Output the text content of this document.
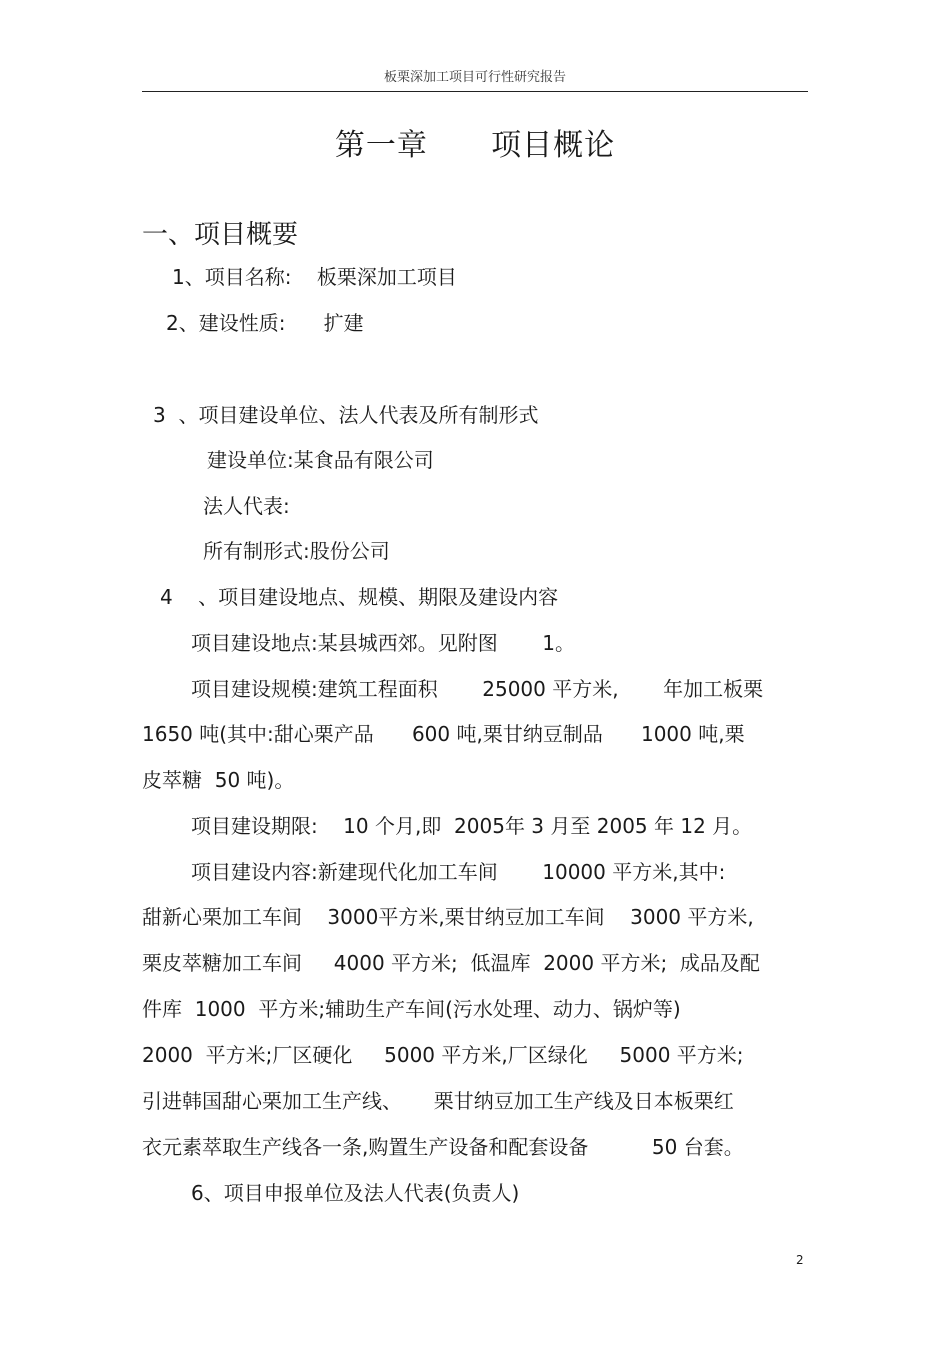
板栗深加工项目可行性研究报告
第一章      项目概论
一、项目概要
1、项目名称:    板栗深加工项目
2、建设性质:      扩建
3  、项目建设单位、法人代表及所有制形式
建设单位:某食品有限公司
法人代表:
所有制形式:股份公司
4    、项目建设地点、规模、期限及建设内容
项目建设地点:某县城西郊。见附图       1。
项目建设规模:建筑工程面积       25000 平方米,       年加工板栗
1650 吨(其中:甜心栗产品      600 吨,栗甘纳豆制品      1000 吨,栗
皮萃糖  50 吨)。
项目建设期限:    10 个月,即  2005年 3 月至 2005 年 12 月。
项目建设内容:新建现代化加工车间       10000 平方米,其中:
甜新心栗加工车间    3000平方米,栗甘纳豆加工车间    3000 平方米,
栗皮萃糖加工车间     4000 平方米;  低温库  2000 平方米;  成品及配
件库  1000  平方米;辅助生产车间(污水处理、动力、锅炉等)
2000  平方米;厂区硬化     5000 平方米,厂区绿化     5000 平方米;
引进韩国甜心栗加工生产线、     栗甘纳豆加工生产线及日本板栗红
衣元素萃取生产线各一条,购置生产设备和配套设备          50 台套。
6、项目申报单位及法人代表(负责人)
2
